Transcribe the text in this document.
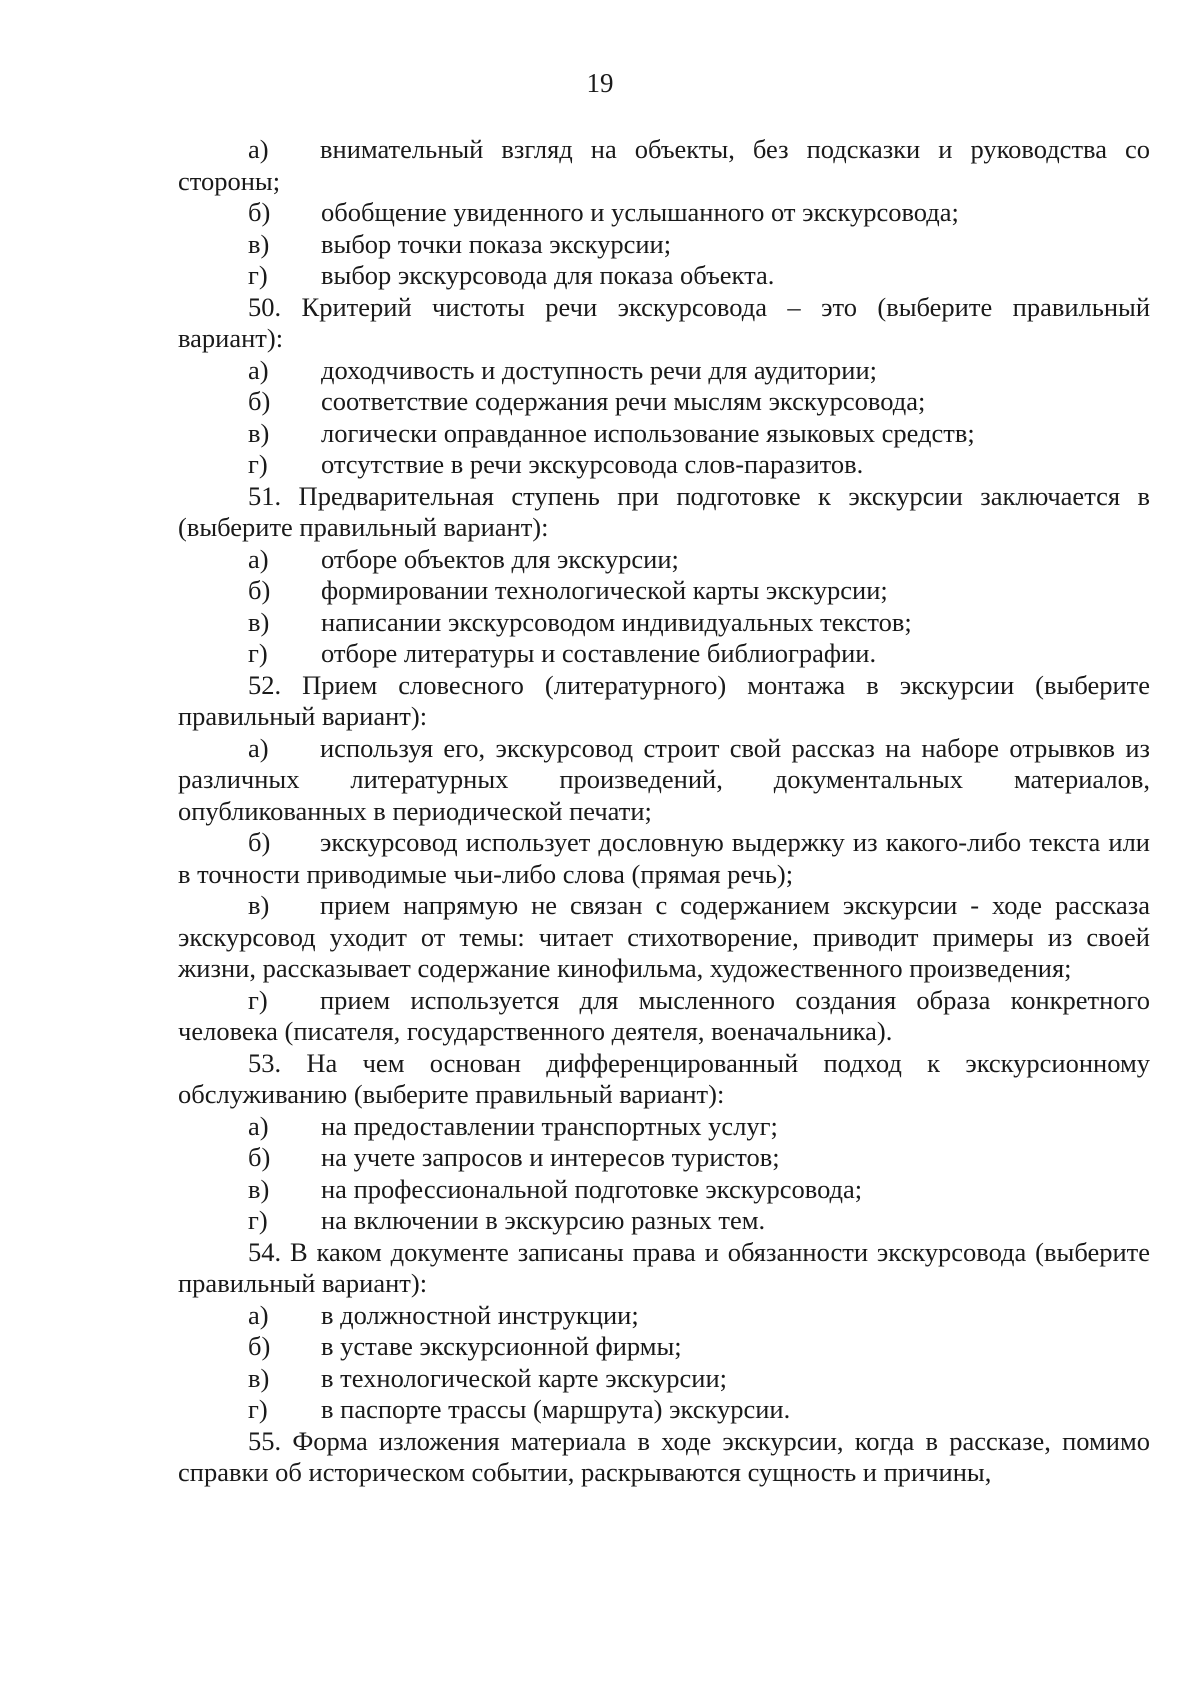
19
а) внимательный взгляд на объекты, без подсказки и руководства со стороны;
б)	обобщение увиденного и услышанного от экскурсовода;
в)	выбор точки показа экскурсии;
г)	выбор экскурсовода для показа объекта.
50. Критерий чистоты речи экскурсовода – это (выберите правильный вариант):
а)	доходчивость и доступность речи для аудитории;
б)	соответствие содержания речи мыслям экскурсовода;
в)	логически оправданное использование языковых средств;
г)	отсутствие в речи экскурсовода слов-паразитов.
51. Предварительная ступень при подготовке к экскурсии заключается в (выберите правильный вариант):
а)	отборе объектов для экскурсии;
б)	формировании технологической карты экскурсии;
в)	написании экскурсоводом индивидуальных текстов;
г)	отборе литературы и составление библиографии.
52. Прием словесного (литературного) монтажа в экскурсии (выберите правильный вариант):
а) используя его, экскурсовод строит свой рассказ на наборе отрывков из различных литературных произведений, документальных материалов, опубликованных в периодической печати;
б) экскурсовод использует дословную выдержку из какого-либо текста или в точности приводимые чьи-либо слова (прямая речь);
в) прием напрямую не связан с содержанием экскурсии - ходе рассказа экскурсовод уходит от темы: читает стихотворение, приводит примеры из своей жизни, рассказывает содержание кинофильма, художественного произведения;
г) прием используется для мысленного создания образа конкретного человека (писателя, государственного деятеля, военачальника).
53. На чем основан дифференцированный подход к экскурсионному обслуживанию (выберите правильный вариант):
а)	на предоставлении транспортных услуг;
б)	на учете запросов и интересов туристов;
в)	на профессиональной подготовке экскурсовода;
г)	на включении в экскурсию разных тем.
54. В каком документе записаны права и обязанности экскурсовода (выберите правильный вариант):
а)	в должностной инструкции;
б)	в уставе экскурсионной фирмы;
в)	в технологической карте экскурсии;
г)	в паспорте трассы (маршрута) экскурсии.
55. Форма изложения материала в ходе экскурсии, когда в рассказе, помимо справки об историческом событии, раскрываются сущность и причины,
